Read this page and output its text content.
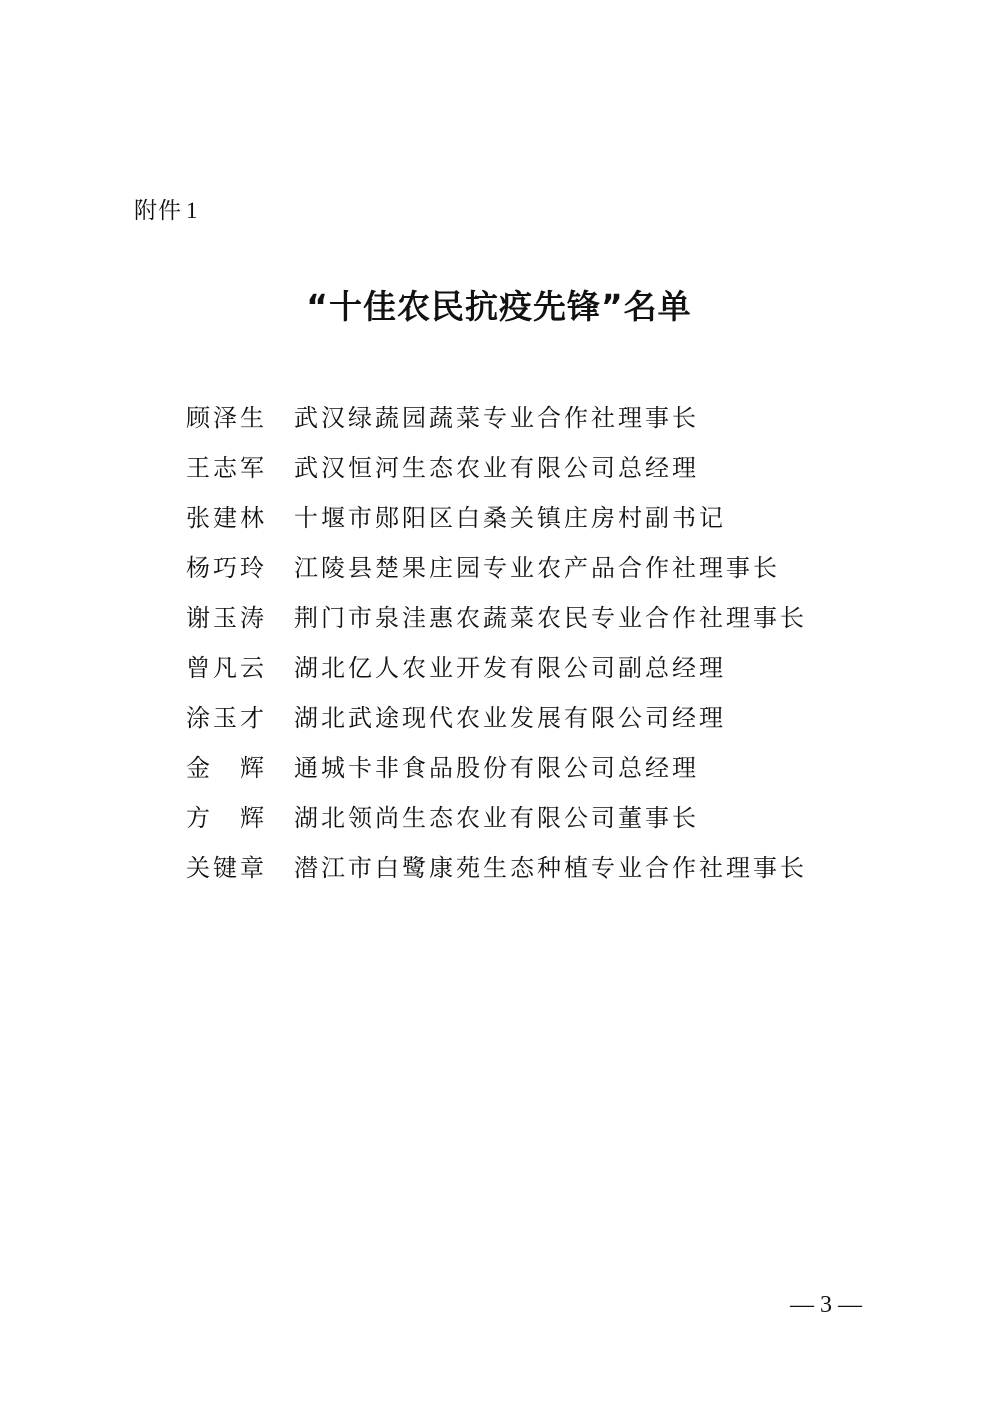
附件 1
“十佳农民抗疫先锋”名单
顾泽生	武汉绿蔬园蔬菜专业合作社理事长
王志军	武汉恒河生态农业有限公司总经理
张建林	十堰市郧阳区白桑关镇庄房村副书记
杨巧玲	江陵县楚果庄园专业农产品合作社理事长
谢玉涛	荆门市泉洼惠农蔬菜农民专业合作社理事长
曾凡云	湖北亿人农业开发有限公司副总经理
涂玉才	湖北武途现代农业发展有限公司经理
金　辉	通城卡非食品股份有限公司总经理
方　辉	湖北领尚生态农业有限公司董事长
关键章	潜江市白鹭康苑生态种植专业合作社理事长
— 3 —
